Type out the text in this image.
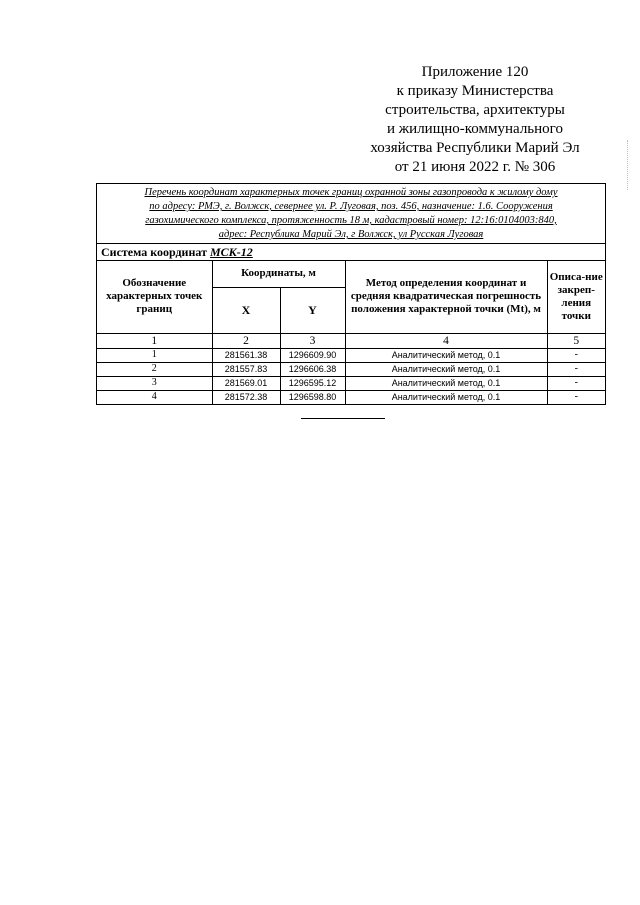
Приложение 120
к приказу Министерства
строительства, архитектуры
и жилищно-коммунального
хозяйства Республики Марий Эл
от 21 июня 2022 г. № 306
Перечень координат характерных точек границ охранной зоны газопровода к жилому дому
по адресу: РМЭ, г. Волжск, севернее ул. Р. Луговая, поз. 456, назначение: 1.6. Сооружения
газохимического комплекса, протяженность 18 м, кадастровый номер: 12:16:0104003:840,
адрес: Республика Марий Эл, г Волжск, ул Русская Луговая
Система координат МСК-12
Обозначение характерных точек границ	Координаты, м		Метод определения координат и средняя квадратическая погрешность положения характерной точки (Mt), м	Описа-ние закреп-ления точки
	X	Y		
1	2	3	4	5
1	281561.38	1296609.90	Аналитический метод, 0.1	-
2	281557.83	1296606.38	Аналитический метод, 0.1	-
3	281569.01	1296595.12	Аналитический метод, 0.1	-
4	281572.38	1296598.80	Аналитический метод, 0.1	-
